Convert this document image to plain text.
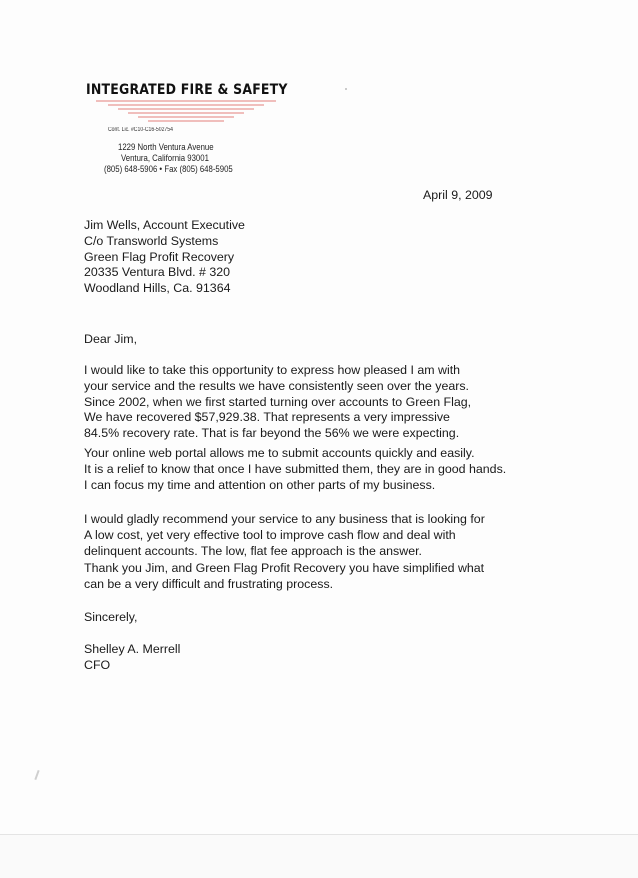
INTEGRATED FIRE & SAFETY
Cont. Lic. #C10-C16-502754
1229 North Ventura Avenue
Ventura, California 93001
(805) 648-5906 • Fax (805) 648-5905
April 9, 2009
Jim Wells, Account Executive
C/o Transworld Systems
Green Flag Profit Recovery
20335 Ventura Blvd. # 320
Woodland Hills, Ca. 91364
Dear Jim,
I would like to take this opportunity to express how pleased I am with
your service and the results we have consistently seen over the years.
Since 2002, when we first started turning over accounts to Green Flag,
We have recovered $57,929.38. That represents a very impressive
84.5% recovery rate. That is far beyond the 56% we were expecting.
Your online web portal allows me to submit accounts quickly and easily.
It is a relief to know that once I have submitted them, they are in good hands.
I can focus my time and attention on other parts of my business.
I would gladly recommend your service to any business that is looking for
A low cost, yet very effective tool to improve cash flow and deal with
delinquent accounts. The low, flat fee approach is the answer.
Thank you Jim, and Green Flag Profit Recovery you have simplified what
can be a very difficult and frustrating process.
Sincerely,
Shelley A. Merrell
CFO
